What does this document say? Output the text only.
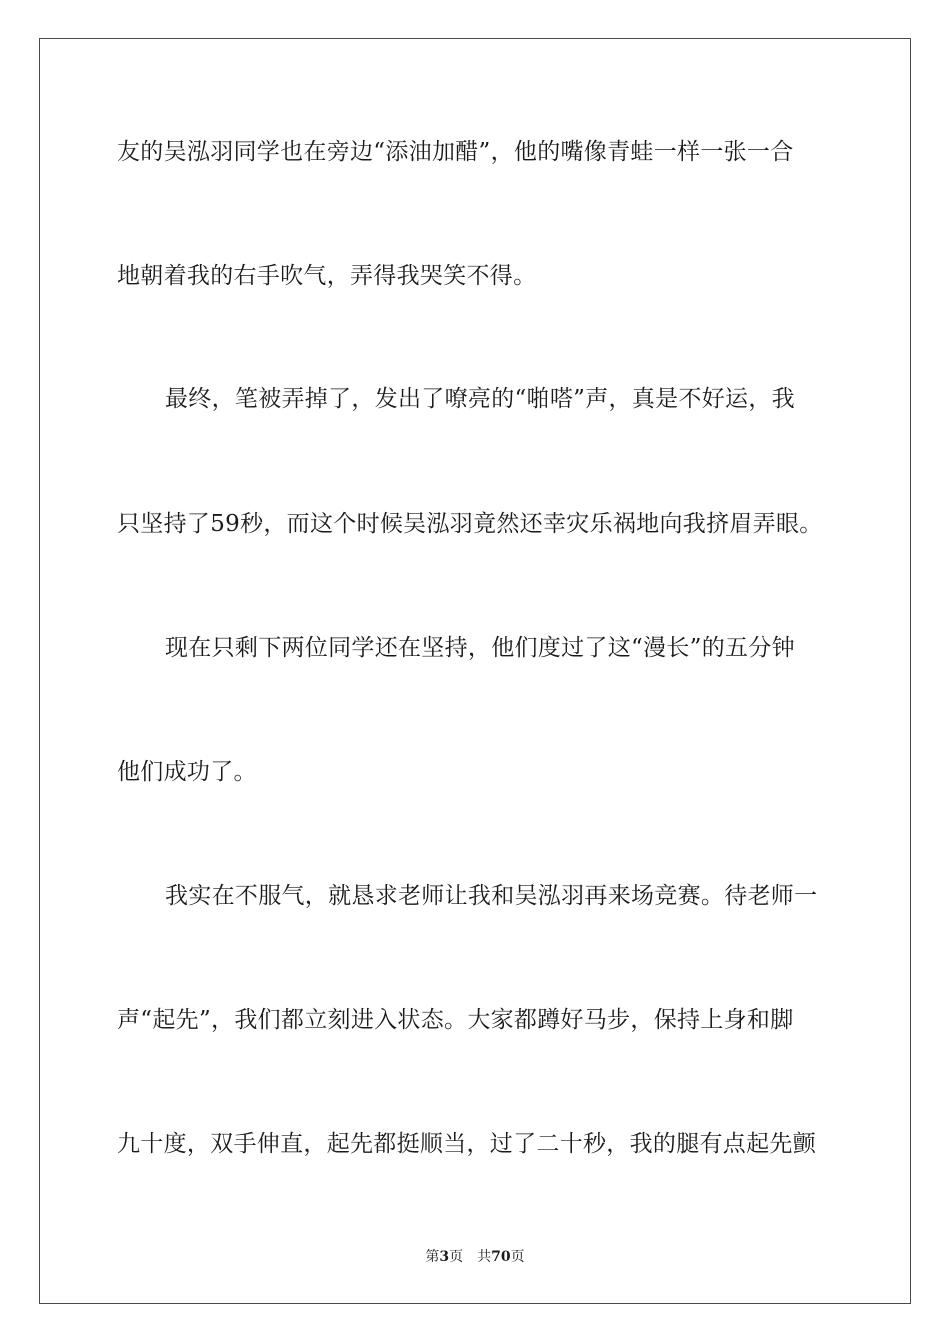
友的吴泓羽同学也在旁边“添油加醋”，他的嘴像青蛙一样一张一合
地朝着我的右手吹气，弄得我哭笑不得。
最终，笔被弄掉了，发出了嘹亮的“啪嗒”声，真是不好运，我
只坚持了59秒，而这个时候吴泓羽竟然还幸灾乐祸地向我挤眉弄眼。
现在只剩下两位同学还在坚持，他们度过了这“漫长”的五分钟
他们成功了。
我实在不服气，就恳求老师让我和吴泓羽再来场竞赛。待老师一
声“起先”，我们都立刻进入状态。大家都蹲好马步，保持上身和脚
九十度，双手伸直，起先都挺顺当，过了二十秒，我的腿有点起先颤
第3页 共70页
